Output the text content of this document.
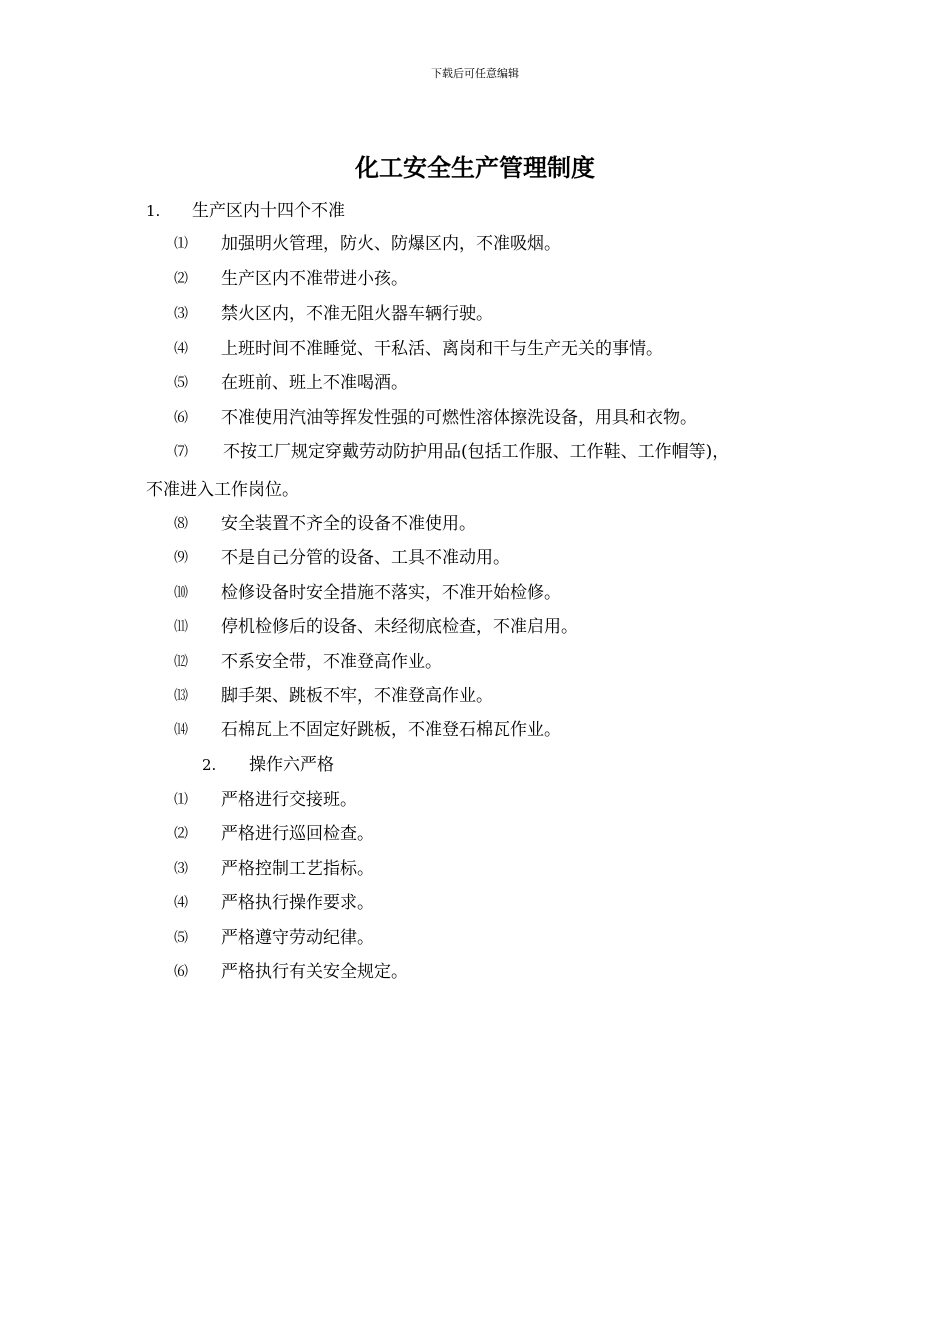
下载后可任意编辑
化工安全生产管理制度
1. 生产区内十四个不准
⑴ 加强明火管理，防火、防爆区内，不准吸烟。
⑵ 生产区内不准带进小孩。
⑶ 禁火区内，不准无阻火器车辆行驶。
⑷ 上班时间不准睡觉、干私活、离岗和干与生产无关的事情。
⑸ 在班前、班上不准喝酒。
⑹ 不准使用汽油等挥发性强的可燃性溶体擦洗设备，用具和衣物。
⑺ 不按工厂规定穿戴劳动防护用品(包括工作服、工作鞋、工作帽等)，
不准进入工作岗位。
⑻ 安全装置不齐全的设备不准使用。
⑼ 不是自己分管的设备、工具不准动用。
⑽ 检修设备时安全措施不落实，不准开始检修。
⑾ 停机检修后的设备、未经彻底检查，不准启用。
⑿ 不系安全带，不准登高作业。
⒀ 脚手架、跳板不牢，不准登高作业。
⒁ 石棉瓦上不固定好跳板，不准登石棉瓦作业。
2. 操作六严格
⑴ 严格进行交接班。
⑵ 严格进行巡回检查。
⑶ 严格控制工艺指标。
⑷ 严格执行操作要求。
⑸ 严格遵守劳动纪律。
⑹ 严格执行有关安全规定。
